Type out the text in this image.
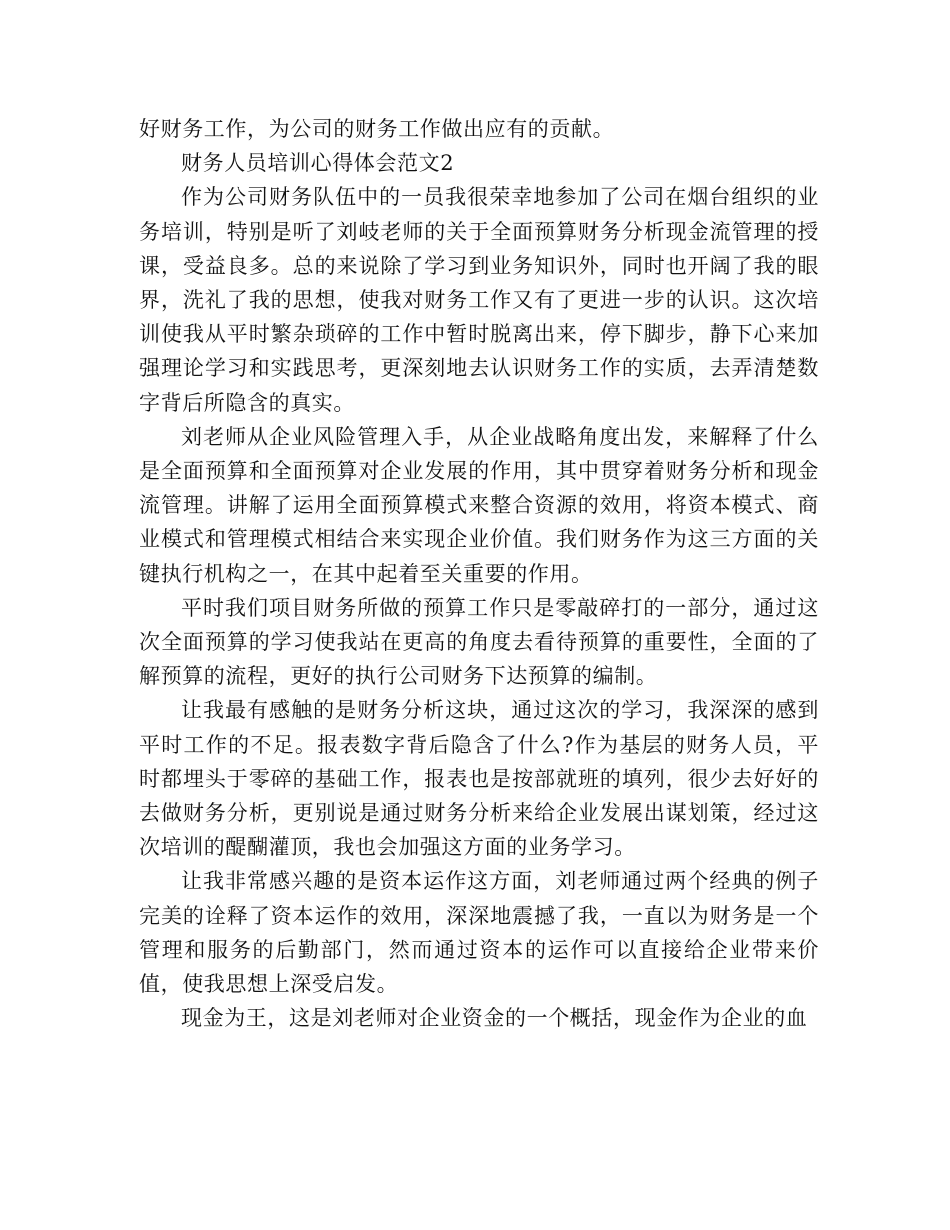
好财务工作，为公司的财务工作做出应有的贡献。

财务人员培训心得体会范文2

作为公司财务队伍中的一员我很荣幸地参加了公司在烟台组织的业务培训，特别是听了刘岐老师的关于全面预算财务分析现金流管理的授课，受益良多。总的来说除了学习到业务知识外，同时也开阔了我的眼界，洗礼了我的思想，使我对财务工作又有了更进一步的认识。这次培训使我从平时繁杂琐碎的工作中暂时脱离出来，停下脚步，静下心来加强理论学习和实践思考，更深刻地去认识财务工作的实质，去弄清楚数字背后所隐含的真实。

刘老师从企业风险管理入手，从企业战略角度出发，来解释了什么是全面预算和全面预算对企业发展的作用，其中贯穿着财务分析和现金流管理。讲解了运用全面预算模式来整合资源的效用，将资本模式、商业模式和管理模式相结合来实现企业价值。我们财务作为这三方面的关键执行机构之一，在其中起着至关重要的作用。

平时我们项目财务所做的预算工作只是零敲碎打的一部分，通过这次全面预算的学习使我站在更高的角度去看待预算的重要性，全面的了解预算的流程，更好的执行公司财务下达预算的编制。

让我最有感触的是财务分析这块，通过这次的学习，我深深的感到平时工作的不足。报表数字背后隐含了什么?作为基层的财务人员，平时都埋头于零碎的基础工作，报表也是按部就班的填列，很少去好好的去做财务分析，更别说是通过财务分析来给企业发展出谋划策，经过这次培训的醍醐灌顶，我也会加强这方面的业务学习。

让我非常感兴趣的是资本运作这方面，刘老师通过两个经典的例子完美的诠释了资本运作的效用，深深地震撼了我，一直以为财务是一个管理和服务的后勤部门，然而通过资本的运作可以直接给企业带来价值，使我思想上深受启发。

现金为王，这是刘老师对企业资金的一个概括，现金作为企业的血
